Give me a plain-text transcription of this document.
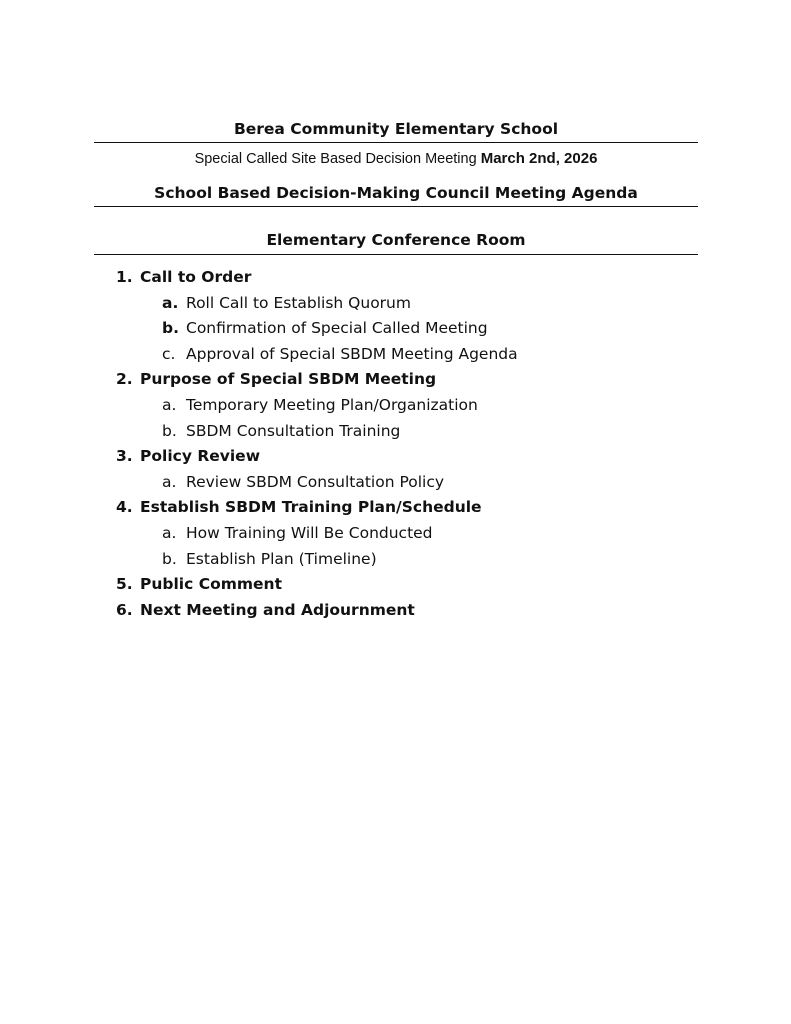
Berea Community Elementary School
Special Called Site Based Decision Meeting March 2nd, 2026
School Based Decision-Making Council Meeting Agenda
Elementary Conference Room
1. Call to Order
a. Roll Call to Establish Quorum
b. Confirmation of Special Called Meeting
c. Approval of Special SBDM Meeting Agenda
2. Purpose of Special SBDM Meeting
a. Temporary Meeting Plan/Organization
b. SBDM Consultation Training
3. Policy Review
a. Review SBDM Consultation Policy
4. Establish SBDM Training Plan/Schedule
a. How Training Will Be Conducted
b. Establish Plan (Timeline)
5. Public Comment
6. Next Meeting and Adjournment
